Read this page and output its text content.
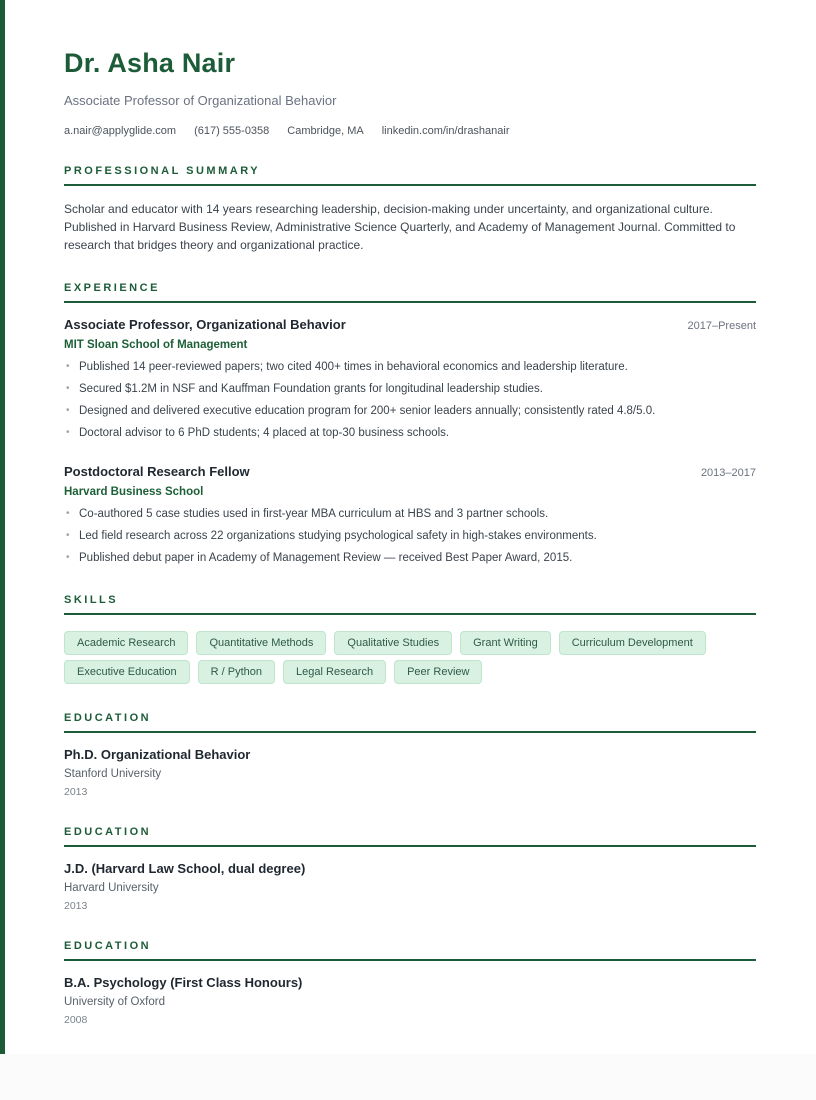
Dr. Asha Nair
Associate Professor of Organizational Behavior
a.nair@applyglide.com (617) 555-0358 Cambridge, MA linkedin.com/in/drashanair
PROFESSIONAL SUMMARY

Scholar and educator with 14 years researching leadership, decision-making under uncertainty, and organizational culture. Published in Harvard Business Review, Administrative Science Quarterly, and Academy of Management Journal. Committed to research that bridges theory and organizational practice.

EXPERIENCE
Associate Professor, Organizational Behavior	2017–Present
MIT Sloan School of Management
• Published 14 peer-reviewed papers; two cited 400+ times in behavioral economics and leadership literature.
• Secured $1.2M in NSF and Kauffman Foundation grants for longitudinal leadership studies.
• Designed and delivered executive education program for 200+ senior leaders annually; consistently rated 4.8/5.0.
• Doctoral advisor to 6 PhD students; 4 placed at top-30 business schools.
Postdoctoral Research Fellow	2013–2017
Harvard Business School
• Co-authored 5 case studies used in first-year MBA curriculum at HBS and 3 partner schools.
• Led field research across 22 organizations studying psychological safety in high-stakes environments.
• Published debut paper in Academy of Management Review — received Best Paper Award, 2015.
SKILLS
Academic Research	Quantitative Methods	Qualitative Studies	Grant Writing	Curriculum Development
Executive Education	R / Python	Legal Research	Peer Review
EDUCATION
Ph.D. Organizational Behavior
Stanford University
2013
EDUCATION
J.D. (Harvard Law School, dual degree)
Harvard University
2013
EDUCATION
B.A. Psychology (First Class Honours)
University of Oxford
2008
